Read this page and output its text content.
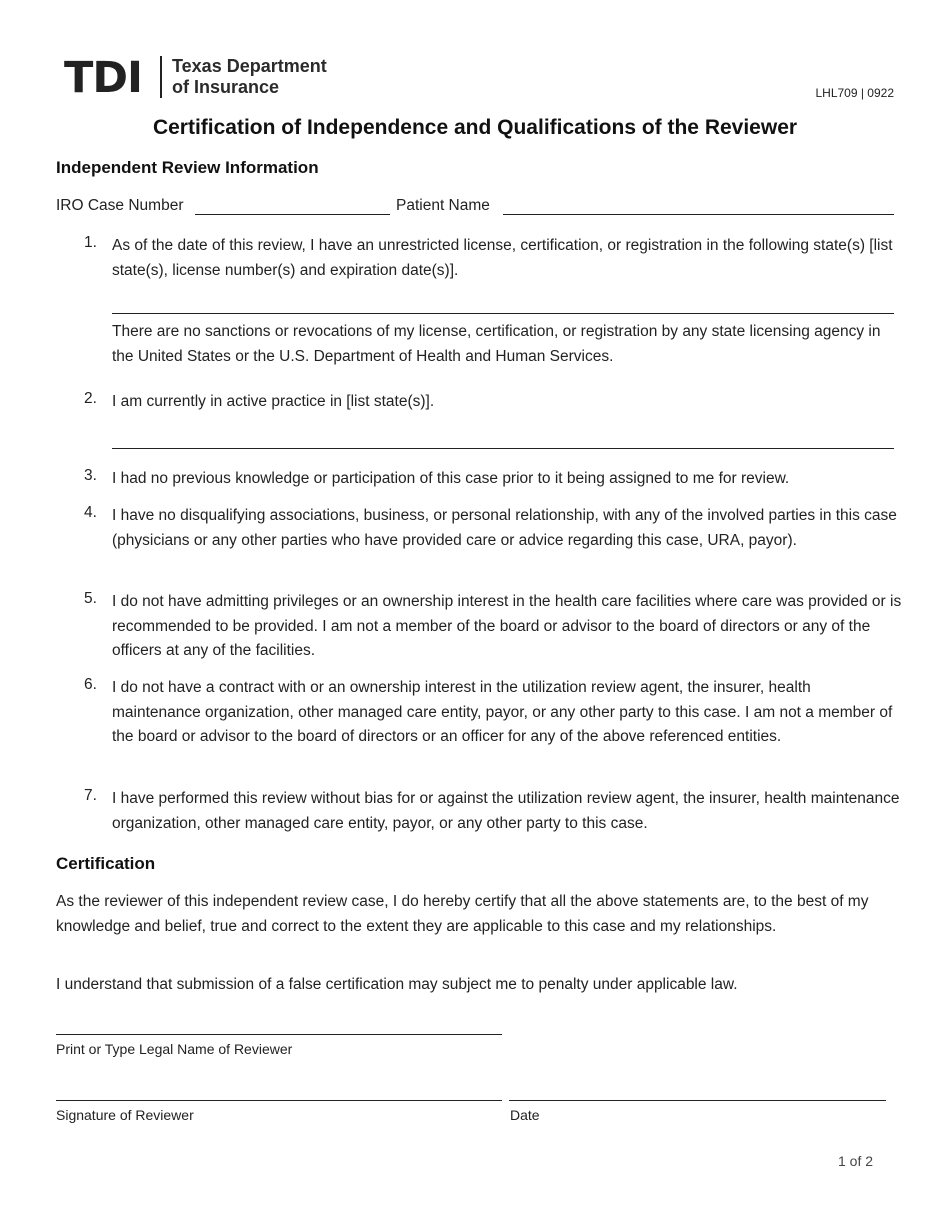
TDI Texas Department
of Insurance	LHL709 | 0922
Certification of Independence and Qualifications of the Reviewer
Independent Review Information
IRO Case Number	Patient Name
1. As of the date of this review, I have an unrestricted license, certification, or registration in the following state(s) [list state(s), license number(s) and expiration date(s)].
There are no sanctions or revocations of my license, certification, or registration by any state licensing agency in the United States or the U.S. Department of Health and Human Services.
2. I am currently in active practice in [list state(s)].
3. I had no previous knowledge or participation of this case prior to it being assigned to me for review.
4. I have no disqualifying associations, business, or personal relationship, with any of the involved parties in this case (physicians or any other parties who have provided care or advice regarding this case, URA, payor).
5. I do not have admitting privileges or an ownership interest in the health care facilities where care was provided or is recommended to be provided. I am not a member of the board or advisor to the board of directors or any of the officers at any of the facilities.
6. I do not have a contract with or an ownership interest in the utilization review agent, the insurer, health maintenance organization, other managed care entity, payor, or any other party to this case. I am not a member of the board or advisor to the board of directors or an officer for any of the above referenced entities.
7. I have performed this review without bias for or against the utilization review agent, the insurer, health maintenance organization, other managed care entity, payor, or any other party to this case.
Certification
As the reviewer of this independent review case, I do hereby certify that all the above statements are, to the best of my knowledge and belief, true and correct to the extent they are applicable to this case and my relationships.
I understand that submission of a false certification may subject me to penalty under applicable law.
Print or Type Legal Name of Reviewer
Signature of Reviewer	Date
1 of 2
